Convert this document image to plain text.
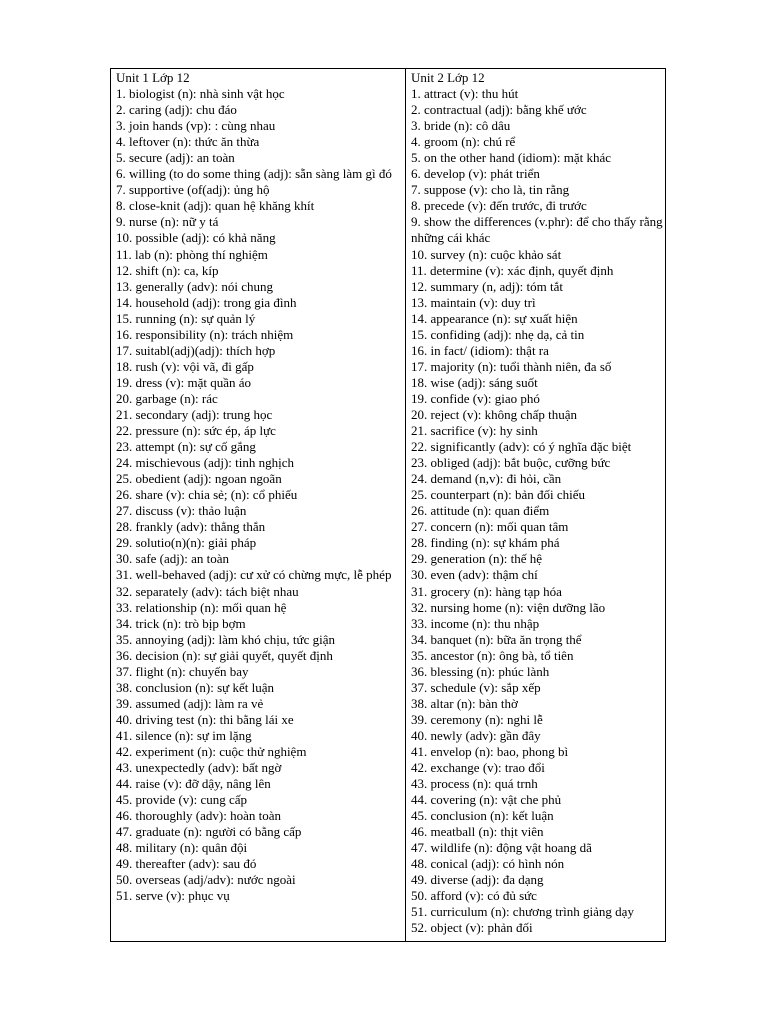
Unit 1 Lớp 12

1. biologist (n): nhà sinh vật học

2. caring (adj): chu đáo

3. join hands (vp): : cùng nhau

4. leftover (n): thức ăn thừa

5. secure (adj): an toàn

6. willing (to do some thing (adj): sẵn sàng làm gì đó

7. supportive (of(adj): ủng hộ

8. close-knit (adj): quan hệ khăng khít

9. nurse (n): nữ y tá

10. possible (adj): có khả năng

11. lab (n): phòng thí nghiệm

12. shift (n): ca, kíp

13. generally (adv): nói chung

14. household (adj): trong gia đình

15. running (n): sự quản lý

16. responsibility (n): trách nhiệm

17. suitabl(adj)(adj): thích hợp

18. rush (v): vội vã, đi gấp

19. dress (v): mặt quần áo

20. garbage (n): rác

21. secondary (adj): trung học

22. pressure (n): sức ép, áp lực

23. attempt (n): sự cố gắng

24. mischievous (adj): tinh nghịch

25. obedient (adj): ngoan ngoãn

26. share (v): chia sẻ; (n): cổ phiếu

27. discuss (v): thảo luận

28. frankly (adv): thẳng thắn

29. solutio(n)(n): giải pháp

30. safe (adj): an toàn

31. well-behaved (adj): cư xử có chừng mực, lễ phép

32. separately (adv): tách biệt nhau

33. relationship (n): mối quan hệ

34. trick (n): trò bịp bợm

35. annoying (adj): làm khó chịu, tức giận

36. decision (n): sự giải quyết, quyết định

37. flight (n): chuyến bay

38. conclusion (n): sự kết luận

39. assumed (adj): làm ra vẻ

40. driving test (n): thi bằng lái xe

41. silence (n): sự im lặng

42. experiment (n): cuộc thử nghiệm

43. unexpectedly (adv): bất ngờ

44. raise (v): đỡ dậy, nâng lên

45. provide (v): cung cấp

46. thoroughly (adv): hoàn toàn

47. graduate (n): người có bằng cấp

48. military (n): quân đội

49. thereafter (adv): sau đó

50. overseas (adj/adv): nước ngoài

51. serve (v): phục vụ

Unit 2 Lớp 12

1. attract (v): thu hút

2. contractual (adj): bằng khế ước

3. bride (n): cô dâu

4. groom (n): chú rể

5. on the other hand (idiom): mặt khác

6. develop (v): phát triển

7. suppose (v): cho là, tin rằng

8. precede (v): đến trước, đi trước

9. show the differences (v.phr): để cho thấy rằng những cái khác

10. survey (n): cuộc khảo sát

11. determine (v): xác định, quyết định

12. summary (n, adj): tóm tắt

13. maintain (v): duy trì

14. appearance (n): sự xuất hiện

15. confiding (adj): nhẹ dạ, cả tin

16. in fact/ (idiom): thật ra

17. majority (n): tuổi thành niên, đa số

18. wise (adj): sáng suốt

19. confide (v): giao phó

20. reject (v): không chấp thuận

21. sacrifice (v): hy sinh

22. significantly (adv): có ý nghĩa đặc biệt

23. obliged (adj): bắt buộc, cưỡng bức

24. demand (n,v): đi hỏi, cần

25. counterpart (n): bản đối chiếu

26. attitude (n): quan điểm

27. concern (n): mối quan tâm

28. finding (n): sự khám phá

29. generation (n): thế hệ

30. even (adv): thậm chí

31. grocery (n): hàng tạp hóa

32. nursing home (n): viện dưỡng lão

33. income (n): thu nhập

34. banquet (n): bữa ăn trọng thể

35. ancestor (n): ông bà, tổ tiên

36. blessing (n): phúc lành

37. schedule (v): sắp xếp

38. altar (n): bàn thờ

39. ceremony (n): nghi lễ

40. newly (adv): gần đây

41. envelop (n): bao, phong bì

42. exchange (v): trao đổi

43. process (n): quá trnh

44. covering (n): vật che phủ

45. conclusion (n): kết luận

46. meatball (n): thịt viên

47. wildlife (n): động vật hoang dã

48. conical (adj): có hình nón

49. diverse (adj): đa dạng

50. afford (v): có đủ sức

51. curriculum (n): chương trình giảng dạy

52. object (v): phản đối
